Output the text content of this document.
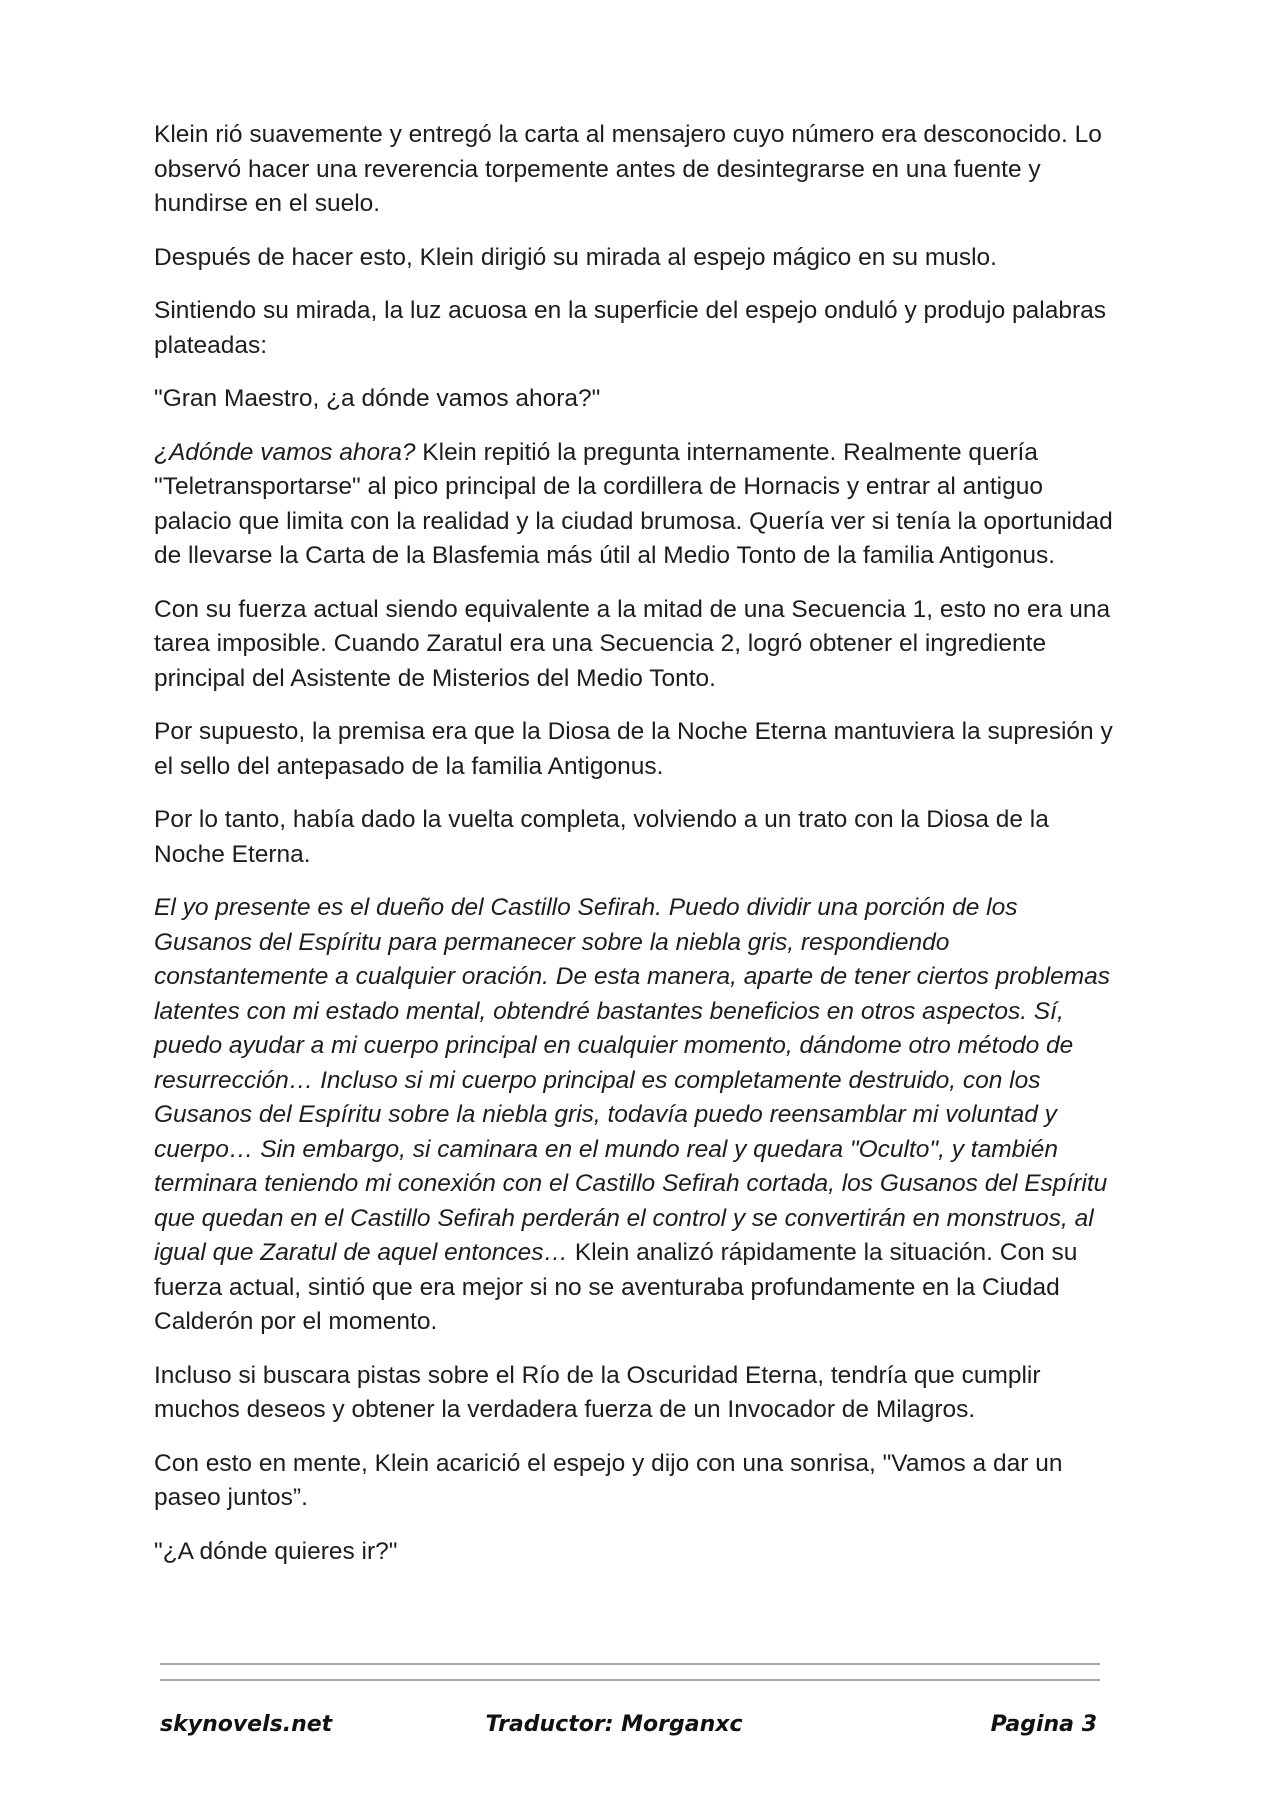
Klein rió suavemente y entregó la carta al mensajero cuyo número era desconocido. Lo observó hacer una reverencia torpemente antes de desintegrarse en una fuente y hundirse en el suelo.

Después de hacer esto, Klein dirigió su mirada al espejo mágico en su muslo.

Sintiendo su mirada, la luz acuosa en la superficie del espejo onduló y produjo palabras plateadas:

"Gran Maestro, ¿a dónde vamos ahora?"

¿Adónde vamos ahora? Klein repitió la pregunta internamente. Realmente quería "Teletransportarse" al pico principal de la cordillera de Hornacis y entrar al antiguo palacio que limita con la realidad y la ciudad brumosa. Quería ver si tenía la oportunidad de llevarse la Carta de la Blasfemia más útil al Medio Tonto de la familia Antigonus.

Con su fuerza actual siendo equivalente a la mitad de una Secuencia 1, esto no era una tarea imposible. Cuando Zaratul era una Secuencia 2, logró obtener el ingrediente principal del Asistente de Misterios del Medio Tonto.

Por supuesto, la premisa era que la Diosa de la Noche Eterna mantuviera la supresión y el sello del antepasado de la familia Antigonus.

Por lo tanto, había dado la vuelta completa, volviendo a un trato con la Diosa de la Noche Eterna.

El yo presente es el dueño del Castillo Sefirah. Puedo dividir una porción de los Gusanos del Espíritu para permanecer sobre la niebla gris, respondiendo constantemente a cualquier oración. De esta manera, aparte de tener ciertos problemas latentes con mi estado mental, obtendré bastantes beneficios en otros aspectos. Sí, puedo ayudar a mi cuerpo principal en cualquier momento, dándome otro método de resurrección… Incluso si mi cuerpo principal es completamente destruido, con los Gusanos del Espíritu sobre la niebla gris, todavía puedo reensamblar mi voluntad y cuerpo… Sin embargo, si caminara en el mundo real y quedara "Oculto", y también terminara teniendo mi conexión con el Castillo Sefirah cortada, los Gusanos del Espíritu que quedan en el Castillo Sefirah perderán el control y se convertirán en monstruos, al igual que Zaratul de aquel entonces… Klein analizó rápidamente la situación. Con su fuerza actual, sintió que era mejor si no se aventuraba profundamente en la Ciudad Calderón por el momento.

Incluso si buscara pistas sobre el Río de la Oscuridad Eterna, tendría que cumplir muchos deseos y obtener la verdadera fuerza de un Invocador de Milagros.

Con esto en mente, Klein acarició el espejo y dijo con una sonrisa, "Vamos a dar un paseo juntos”.

"¿A dónde quieres ir?"

skynovels.net	Traductor: Morganxc	Pagina 3
